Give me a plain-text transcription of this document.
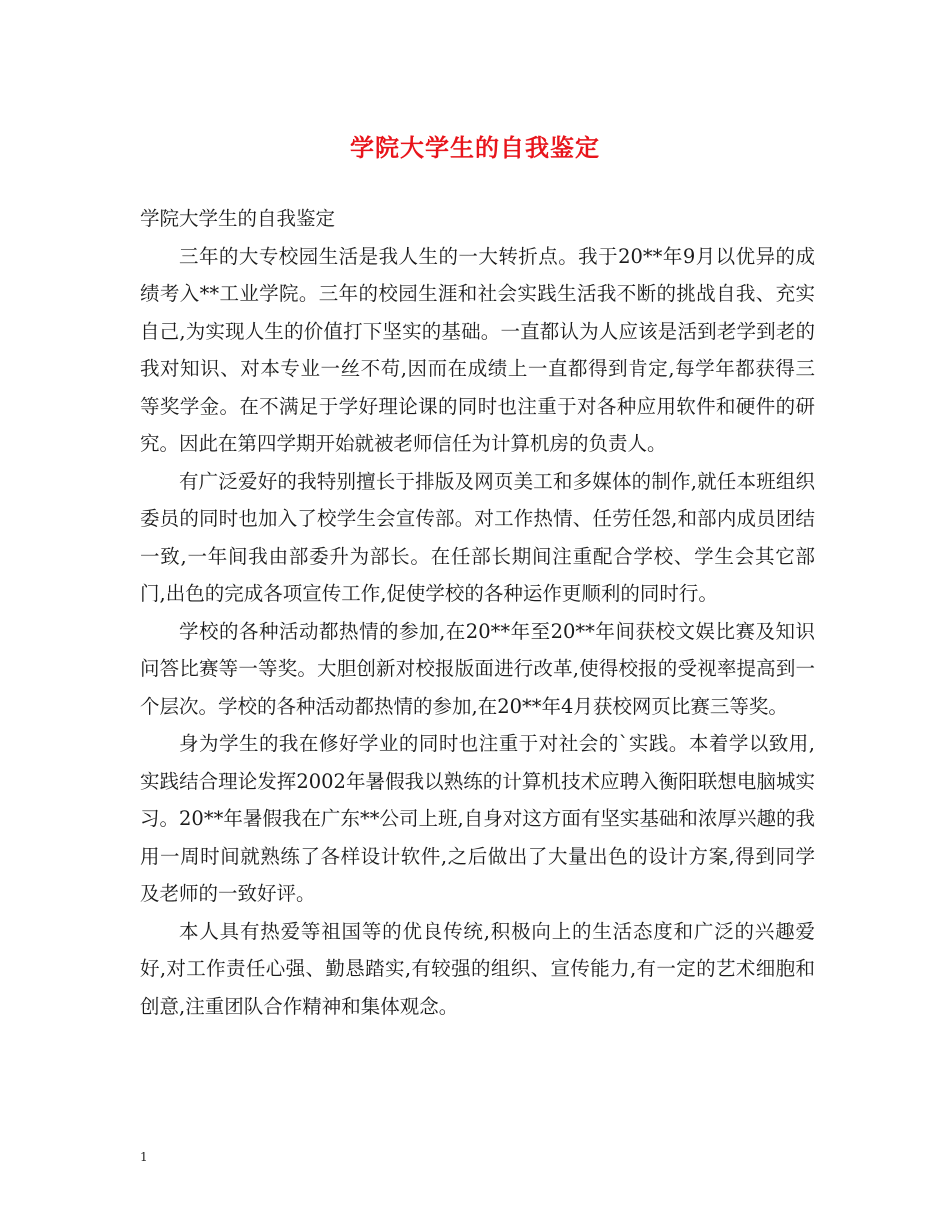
学院大学生的自我鉴定

学院大学生的自我鉴定

三年的大专校园生活是我人生的一大转折点。我于20**年9月以优异的成绩考入**工业学院。三年的校园生涯和社会实践生活我不断的挑战自我、充实自己,为实现人生的价值打下坚实的基础。一直都认为人应该是活到老学到老的我对知识、对本专业一丝不苟,因而在成绩上一直都得到肯定,每学年都获得三等奖学金。在不满足于学好理论课的同时也注重于对各种应用软件和硬件的研究。因此在第四学期开始就被老师信任为计算机房的负责人。

有广泛爱好的我特别擅长于排版及网页美工和多媒体的制作,就任本班组织委员的同时也加入了校学生会宣传部。对工作热情、任劳任怨,和部内成员团结一致,一年间我由部委升为部长。在任部长期间注重配合学校、学生会其它部门,出色的完成各项宣传工作,促使学校的各种运作更顺利的同时行。

学校的各种活动都热情的参加,在20**年至20**年间获校文娱比赛及知识问答比赛等一等奖。大胆创新对校报版面进行改革,使得校报的受视率提高到一个层次。学校的各种活动都热情的参加,在20**年4月获校网页比赛三等奖。

身为学生的我在修好学业的同时也注重于对社会的`实践。本着学以致用,实践结合理论发挥2002年暑假我以熟练的计算机技术应聘入衡阳联想电脑城实习。20**年暑假我在广东**公司上班,自身对这方面有坚实基础和浓厚兴趣的我用一周时间就熟练了各样设计软件,之后做出了大量出色的设计方案,得到同学及老师的一致好评。

本人具有热爱等祖国等的优良传统,积极向上的生活态度和广泛的兴趣爱好,对工作责任心强、勤恳踏实,有较强的组织、宣传能力,有一定的艺术细胞和创意,注重团队合作精神和集体观念。

1
